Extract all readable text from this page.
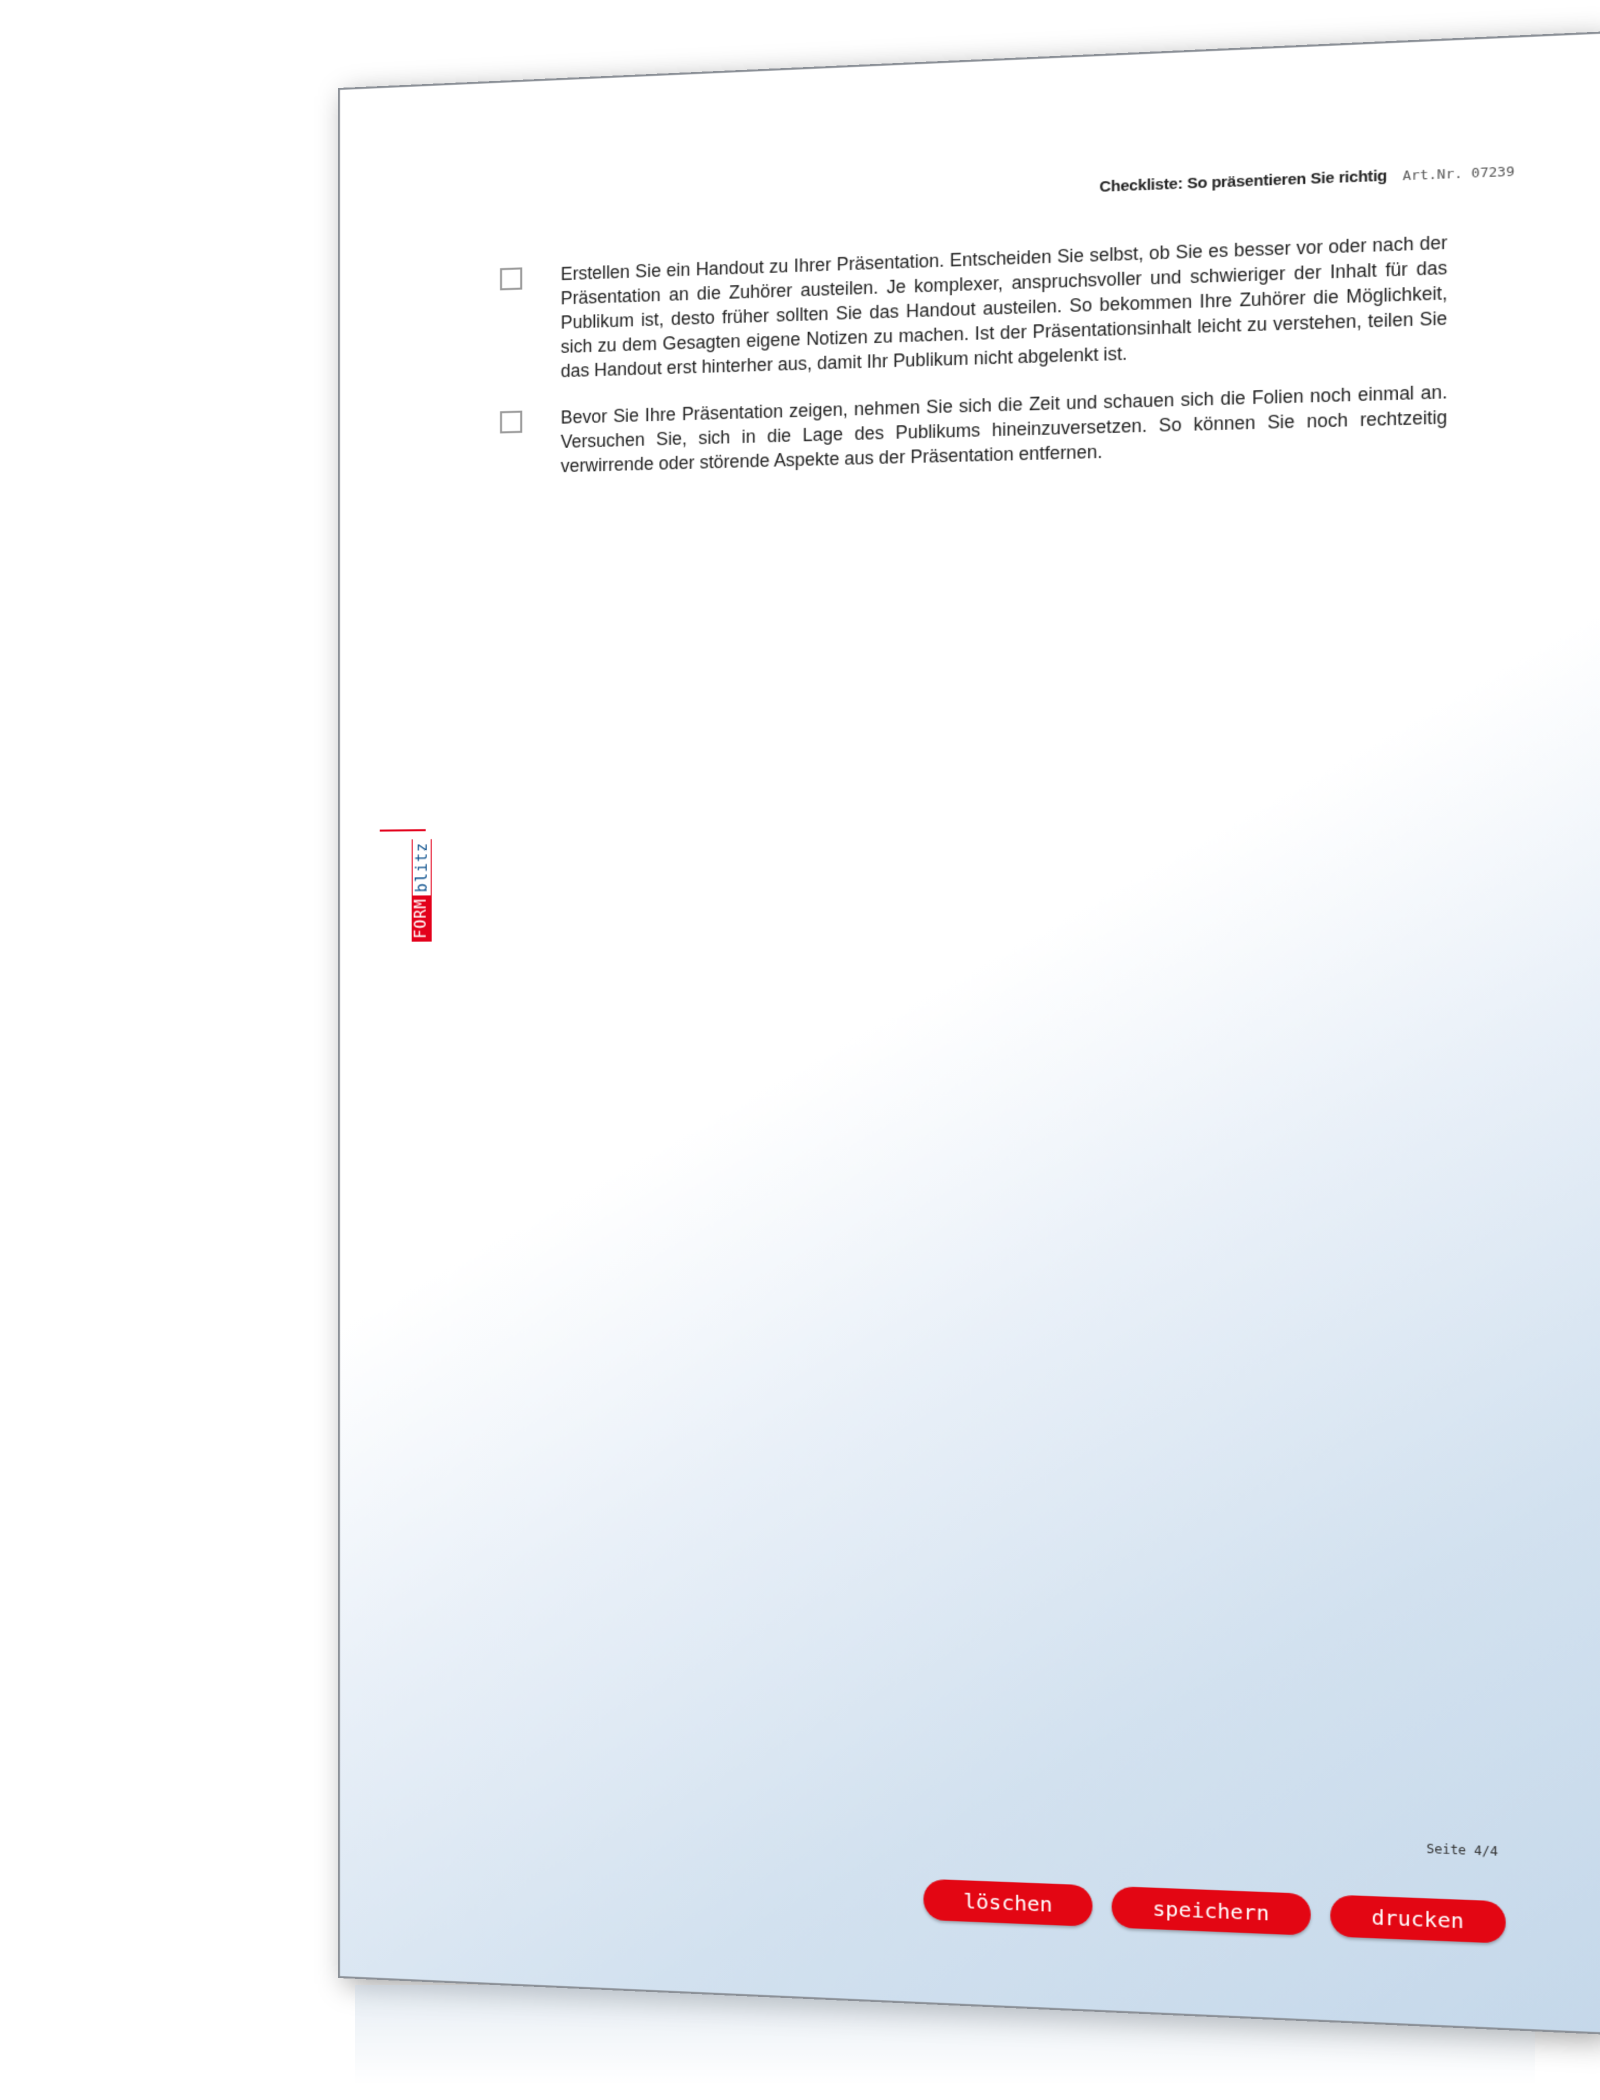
Checkliste: So präsentieren Sie richtig Art.Nr. 07239
Erstellen Sie ein Handout zu Ihrer Präsentation. Entscheiden Sie selbst, ob Sie es besser vor oder nach der Präsentation an die Zuhörer austeilen. Je komplexer, anspruchsvoller und schwieriger der Inhalt für das Publikum ist, desto früher sollten Sie das Handout austeilen. So bekommen Ihre Zuhörer die Möglichkeit, sich zu dem Gesagten eigene Notizen zu machen. Ist der Präsentationsinhalt leicht zu verstehen, teilen Sie das Handout erst hinterher aus, damit Ihr Publikum nicht abgelenkt ist.
Bevor Sie Ihre Präsentation zeigen, nehmen Sie sich die Zeit und schauen sich die Folien noch einmal an. Versuchen Sie, sich in die Lage des Publikums hineinzuversetzen. So können Sie noch rechtzeitig verwirrende oder störende Aspekte aus der Präsentation entfernen.
FORM
blitz
Seite 4/4
löschen	speichern	drucken
